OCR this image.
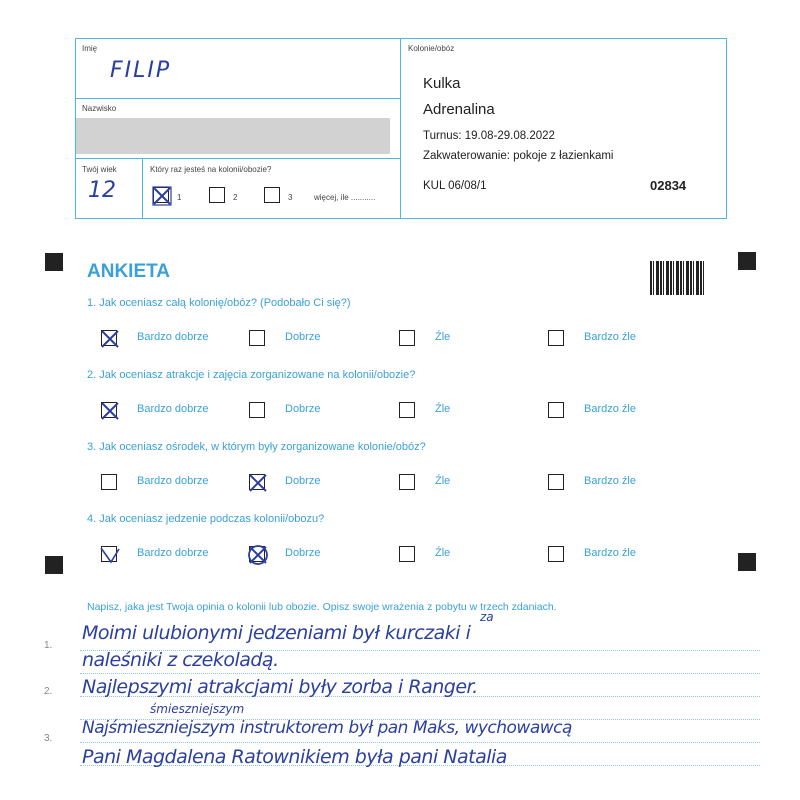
Imię
FILIP
Nazwisko
Twój wiek
12
Który raz jesteś na kolonii/obozie?
1	2	3	więcej, ile ...........
Kolonie/obóz
Kulka
Adrenalina
Turnus: 19.08-29.08.2022
Zakwaterowanie: pokoje z łazienkami
KUL 06/08/1	02834
ANKIETA
1. Jak oceniasz całą kolonię/obóz? (Podobało Ci się?)
2. Jak oceniasz atrakcje i zajęcia zorganizowane na kolonii/obozie?
3. Jak oceniasz ośrodek, w którym były zorganizowane kolonie/obóz?
4. Jak oceniasz jedzenie podczas kolonii/obozu?
Bardzo dobrze	Dobrze	Źle	Bardzo źle
Bardzo dobrze	Dobrze	Źle	Bardzo źle
Bardzo dobrze	Dobrze	Źle	Bardzo źle
Bardzo dobrze	Dobrze	Źle	Bardzo źle
Napisz, jaka jest Twoja opinia o kolonii lub obozie. Opisz swoje wrażenia z pobytu w trzech zdaniach.
1.
2.
3.
Moimi ulubionymi jedzeniami był kurczaki i
naleśniki z czekoladą.
Najlepszymi atrakcjami były zorba i Ranger.
Najśmieszniejszym instruktorem był pan Maks, wychowawcą
Pani Magdalena Ratownikiem była pani Natalia
za
śmieszniejszym
